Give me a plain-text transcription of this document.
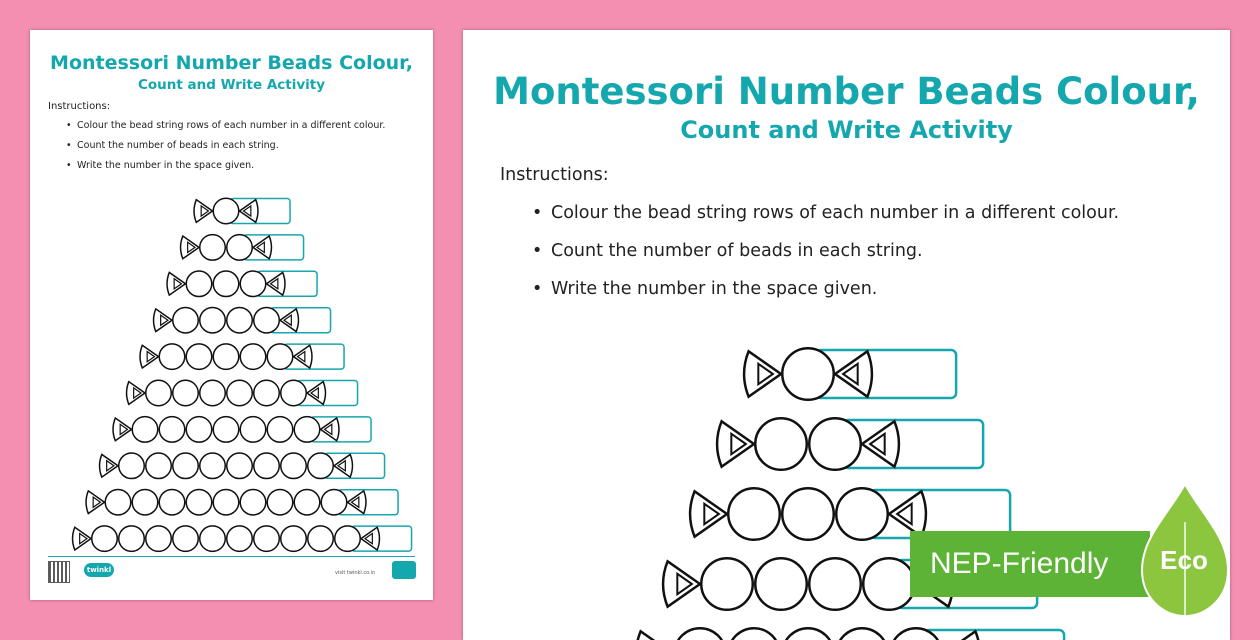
Montessori Number Beads Colour,
Count and Write Activity

Instructions:

• Colour the bead string rows of each number in a different colour.
• Count the number of beads in each string.
• Write the number in the space given.
twinkl	visit twinkl.co.in
Montessori Number Beads Colour,
Count and Write Activity

Instructions:

• Colour the bead string rows of each number in a different colour.
• Count the number of beads in each string.
• Write the number in the space given.
NEP-Friendly	Eco
